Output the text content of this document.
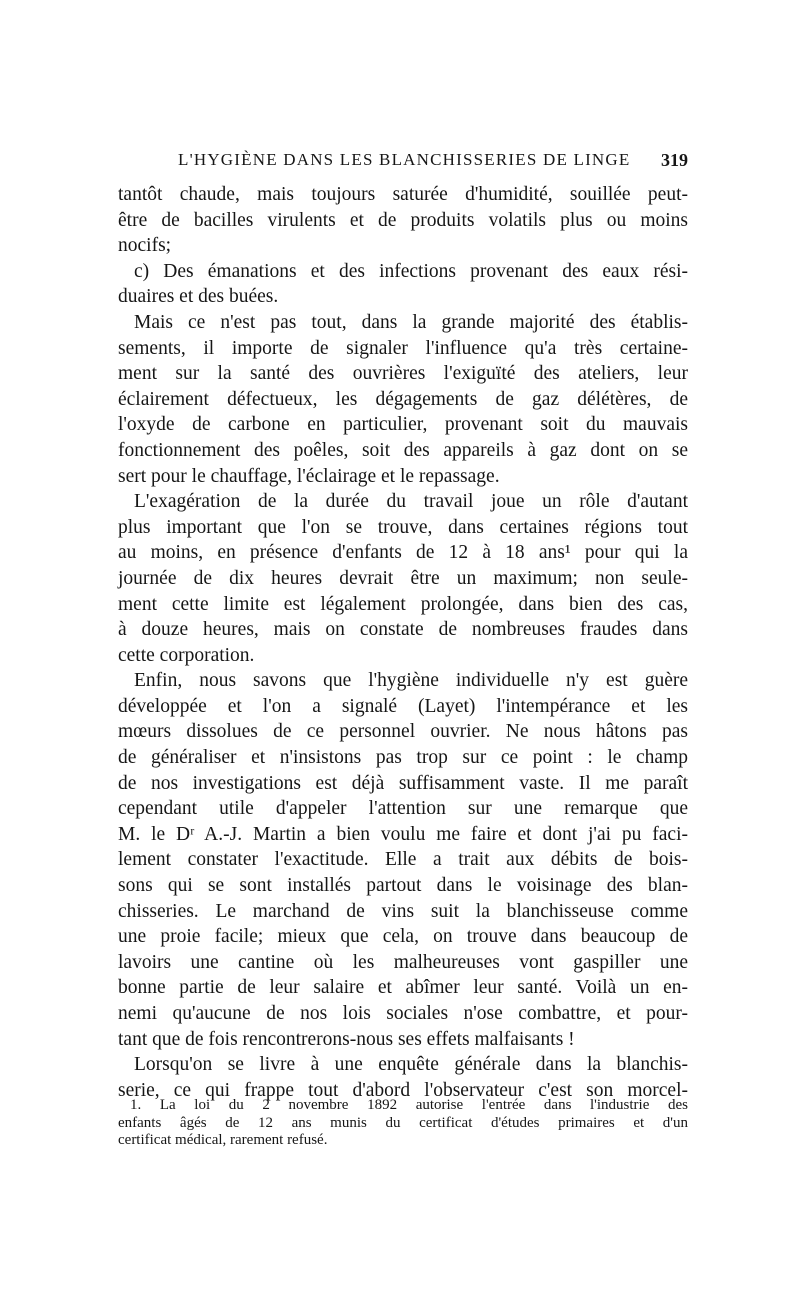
L'HYGIÈNE DANS LES BLANCHISSERIES DE LINGE 319
tantôt chaude, mais toujours saturée d'humidité, souillée peut-
être de bacilles virulents et de produits volatils plus ou moins
nocifs;
c) Des émanations et des infections provenant des eaux rési-
duaires et des buées.
Mais ce n'est pas tout, dans la grande majorité des établis-
sements, il importe de signaler l'influence qu'a très certaine-
ment sur la santé des ouvrières l'exiguïté des ateliers, leur
éclairement défectueux, les dégagements de gaz délétères, de
l'oxyde de carbone en particulier, provenant soit du mauvais
fonctionnement des poêles, soit des appareils à gaz dont on se
sert pour le chauffage, l'éclairage et le repassage.
L'exagération de la durée du travail joue un rôle d'autant
plus important que l'on se trouve, dans certaines régions tout
au moins, en présence d'enfants de 12 à 18 ans¹ pour qui la
journée de dix heures devrait être un maximum; non seule-
ment cette limite est légalement prolongée, dans bien des cas,
à douze heures, mais on constate de nombreuses fraudes dans
cette corporation.
Enfin, nous savons que l'hygiène individuelle n'y est guère
développée et l'on a signalé (Layet) l'intempérance et les
mœurs dissolues de ce personnel ouvrier. Ne nous hâtons pas
de généraliser et n'insistons pas trop sur ce point : le champ
de nos investigations est déjà suffisamment vaste. Il me paraît
cependant utile d'appeler l'attention sur une remarque que
M. le Dʳ A.-J. Martin a bien voulu me faire et dont j'ai pu faci-
lement constater l'exactitude. Elle a trait aux débits de bois-
sons qui se sont installés partout dans le voisinage des blan-
chisseries. Le marchand de vins suit la blanchisseuse comme
une proie facile; mieux que cela, on trouve dans beaucoup de
lavoirs une cantine où les malheureuses vont gaspiller une
bonne partie de leur salaire et abîmer leur santé. Voilà un en-
nemi qu'aucune de nos lois sociales n'ose combattre, et pour-
tant que de fois rencontrerons-nous ses effets malfaisants !
Lorsqu'on se livre à une enquête générale dans la blanchis-
serie, ce qui frappe tout d'abord l'observateur c'est son morcel-
1. La loi du 2 novembre 1892 autorise l'entrée dans l'industrie des
enfants âgés de 12 ans munis du certificat d'études primaires et d'un
certificat médical, rarement refusé.
